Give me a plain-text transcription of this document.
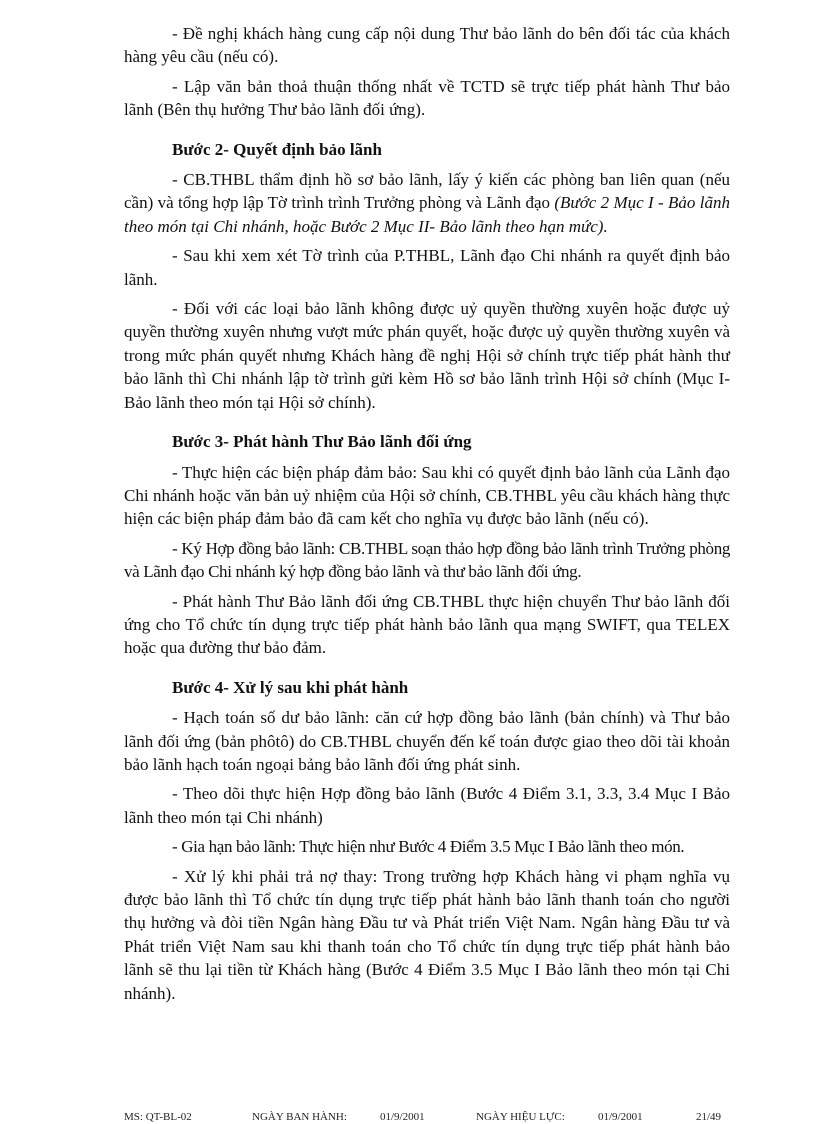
- Đề nghị khách hàng cung cấp nội dung Thư bảo lãnh do bên đối tác của khách hàng yêu cầu (nếu có).

- Lập văn bản thoả thuận thống nhất về TCTD sẽ trực tiếp phát hành Thư bảo lãnh (Bên thụ hưởng Thư bảo lãnh đối ứng).

Bước 2- Quyết định bảo lãnh

- CB.THBL thẩm định hồ sơ bảo lãnh, lấy ý kiến các phòng ban liên quan (nếu cần) và tổng hợp lập Tờ trình trình Trưởng phòng và Lãnh đạo (Bước 2 Mục I - Bảo lãnh theo món tại Chi nhánh, hoặc Bước 2 Mục II- Bảo lãnh theo hạn mức).

- Sau khi xem xét Tờ trình của P.THBL, Lãnh đạo Chi nhánh ra quyết định bảo lãnh.

- Đối với các loại bảo lãnh không được uỷ quyền thường xuyên hoặc được uỷ quyền thường xuyên nhưng vượt mức phán quyết, hoặc được uỷ quyền thường xuyên và trong mức phán quyết nhưng Khách hàng đề nghị Hội sở chính trực tiếp phát hành thư bảo lãnh thì Chi nhánh lập tờ trình gửi kèm Hồ sơ bảo lãnh trình Hội sở chính (Mục I- Bảo lãnh theo món tại Hội sở chính).

Bước 3- Phát hành Thư Bảo lãnh đối ứng

- Thực hiện các biện pháp đảm bảo: Sau khi có quyết định bảo lãnh của Lãnh đạo Chi nhánh hoặc văn bản uỷ nhiệm của Hội sở chính, CB.THBL yêu cầu khách hàng thực hiện các biện pháp đảm bảo đã cam kết cho nghĩa vụ được bảo lãnh (nếu có).

- Ký Hợp đồng bảo lãnh: CB.THBL soạn thảo hợp đồng bảo lãnh trình Trưởng phòng và Lãnh đạo Chi nhánh ký hợp đồng bảo lãnh và thư bảo lãnh đối ứng.

- Phát hành Thư Bảo lãnh đối ứng CB.THBL thực hiện chuyển Thư bảo lãnh đối ứng cho Tổ chức tín dụng trực tiếp phát hành bảo lãnh qua mạng SWIFT, qua TELEX hoặc qua đường thư bảo đảm.

Bước 4- Xử lý sau khi phát hành

- Hạch toán số dư bảo lãnh: căn cứ hợp đồng bảo lãnh (bản chính) và Thư bảo lãnh đối ứng (bản phôtô) do CB.THBL chuyển đến kế toán được giao theo dõi tài khoản bảo lãnh hạch toán ngoại bảng bảo lãnh đối ứng phát sinh.

- Theo dõi thực hiện Hợp đồng bảo lãnh (Bước 4 Điểm 3.1, 3.3, 3.4 Mục I Bảo lãnh theo món tại Chi nhánh)

- Gia hạn bảo lãnh: Thực hiện như Bước 4 Điểm 3.5 Mục I Bảo lãnh theo món.

- Xử lý khi phải trả nợ thay: Trong trường hợp Khách hàng vi phạm nghĩa vụ được bảo lãnh thì Tổ chức tín dụng trực tiếp phát hành bảo lãnh thanh toán cho người thụ hưởng và đòi tiền Ngân hàng Đầu tư và Phát triển Việt Nam. Ngân hàng Đầu tư và Phát triển Việt Nam sau khi thanh toán cho Tổ chức tín dụng trực tiếp phát hành bảo lãnh sẽ thu lại tiền từ Khách hàng (Bước 4 Điểm 3.5 Mục I Bảo lãnh theo món tại Chi nhánh).

MS: QT-BL-02	NGÀY BAN HÀNH:	01/9/2001	NGÀY HIỆU LỰC:	01/9/2001	21/49
